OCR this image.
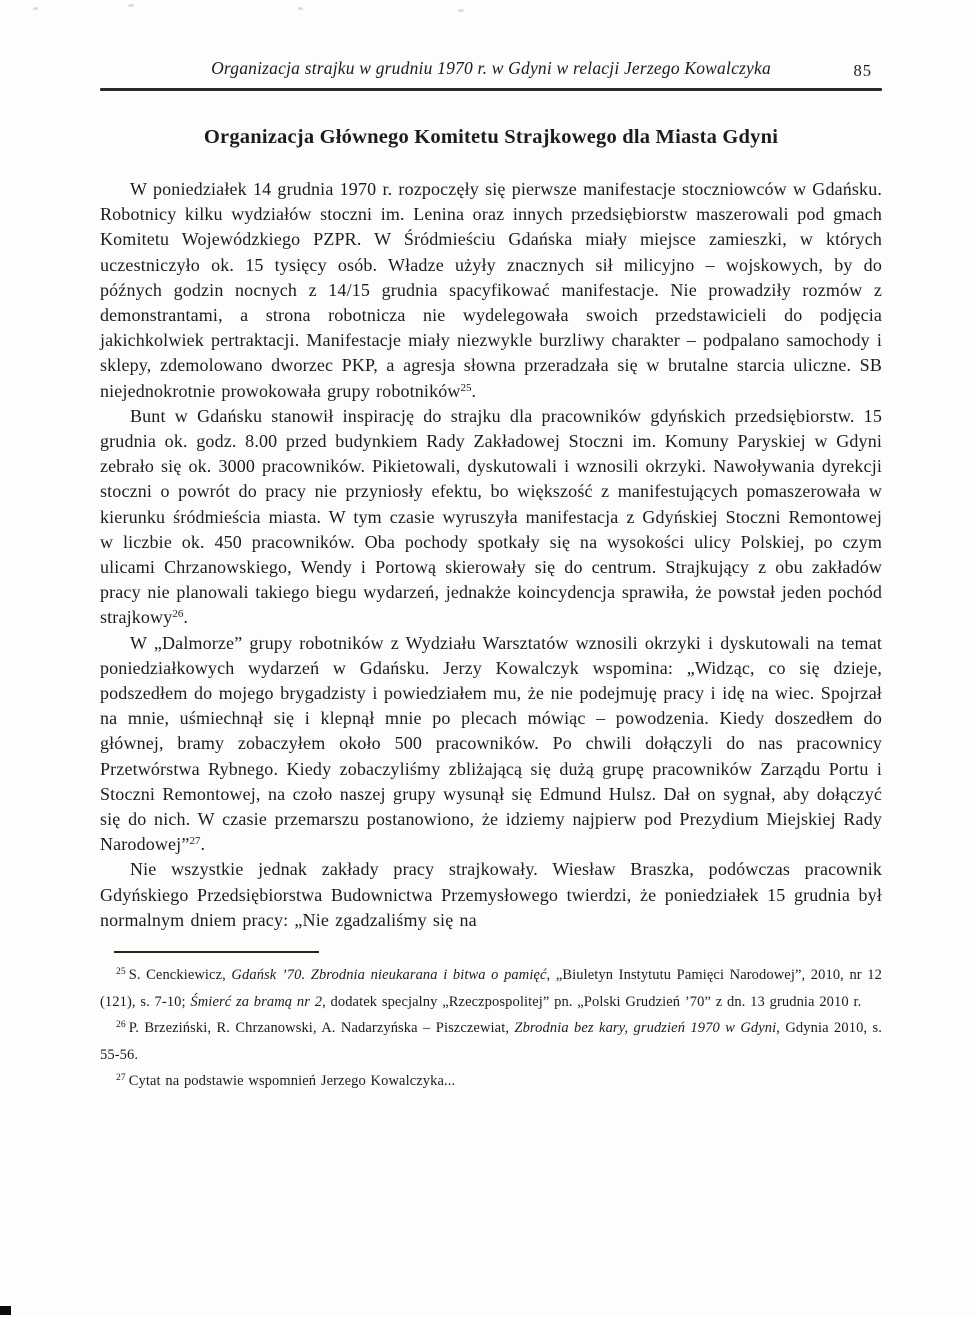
Organizacja strajku w grudniu 1970 r. w Gdyni w relacji Jerzego Kowalczyka	85
Organizacja Głównego Komitetu Strajkowego dla Miasta Gdyni

W poniedziałek 14 grudnia 1970 r. rozpoczęły się pierwsze manifestacje stoczniowców w Gdańsku. Robotnicy kilku wydziałów stoczni im. Lenina oraz innych przedsiębiorstw maszerowali pod gmach Komitetu Wojewódzkiego PZPR. W Śródmieściu Gdańska miały miejsce zamieszki, w których uczestniczyło ok. 15 tysięcy osób. Władze użyły znacznych sił milicyjno – wojskowych, by do późnych godzin nocnych z 14/15 grudnia spacyfikować manifestacje. Nie prowadziły rozmów z demonstrantami, a strona robotnicza nie wydelegowała swoich przedstawicieli do podjęcia jakichkolwiek pertraktacji. Manifestacje miały niezwykle burzliwy charakter – podpalano samochody i sklepy, zdemolowano dworzec PKP, a agresja słowna przeradzała się w brutalne starcia uliczne. SB niejednokrotnie prowokowała grupy robotników$^{25}$.

Bunt w Gdańsku stanowił inspirację do strajku dla pracowników gdyńskich przedsiębiorstw. 15 grudnia ok. godz. 8.00 przed budynkiem Rady Zakładowej Stoczni im. Komuny Paryskiej w Gdyni zebrało się ok. 3000 pracowników. Pikietowali, dyskutowali i wznosili okrzyki. Nawoływania dyrekcji stoczni o powrót do pracy nie przyniosły efektu, bo większość z manifestujących pomaszerowała w kierunku śródmieścia miasta. W tym czasie wyruszyła manifestacja z Gdyńskiej Stoczni Remontowej w liczbie ok. 450 pracowników. Oba pochody spotkały się na wysokości ulicy Polskiej, po czym ulicami Chrzanowskiego, Wendy i Portową skierowały się do centrum. Strajkujący z obu zakładów pracy nie planowali takiego biegu wydarzeń, jednakże koincydencja sprawiła, że powstał jeden pochód strajkowy$^{26}$.

W „Dalmorze” grupy robotników z Wydziału Warsztatów wznosili okrzyki i dyskutowali na temat poniedziałkowych wydarzeń w Gdańsku. Jerzy Kowalczyk wspomina: „Widząc, co się dzieje, podszedłem do mojego brygadzisty i powiedziałem mu, że nie podejmuję pracy i idę na wiec. Spojrzał na mnie, uśmiechnął się i klepnął mnie po plecach mówiąc – powodzenia. Kiedy doszedłem do głównej, bramy zobaczyłem około 500 pracowników. Po chwili dołączyli do nas pracownicy Przetwórstwa Rybnego. Kiedy zobaczyliśmy zbliżającą się dużą grupę pracowników Zarządu Portu i Stoczni Remontowej, na czoło naszej grupy wysunął się Edmund Hulsz. Dał on sygnał, aby dołączyć się do nich. W czasie przemarszu postanowiono, że idziemy najpierw pod Prezydium Miejskiej Rady Narodowej”$^{27}$.

Nie wszystkie jednak zakłady pracy strajkowały. Wiesław Braszka, podówczas pracownik Gdyńskiego Przedsiębiorstwa Budownictwa Przemysłowego twierdzi, że poniedziałek 15 grudnia był normalnym dniem pracy: „Nie zgadzaliśmy się na

$^{25}$ S. Cenckiewicz, Gdańsk ’70. Zbrodnia nieukarana i bitwa o pamięć, „Biuletyn Instytutu Pamięci Narodowej”, 2010, nr 12 (121), s. 7-10; Śmierć za bramą nr 2, dodatek specjalny „Rzeczpospolitej” pn. „Polski Grudzień ’70” z dn. 13 grudnia 2010 r.

$^{26}$ P. Brzeziński, R. Chrzanowski, A. Nadarzyńska – Piszczewiat, Zbrodnia bez kary, grudzień 1970 w Gdyni, Gdynia 2010, s. 55-56.

$^{27}$ Cytat na podstawie wspomnień Jerzego Kowalczyka...
